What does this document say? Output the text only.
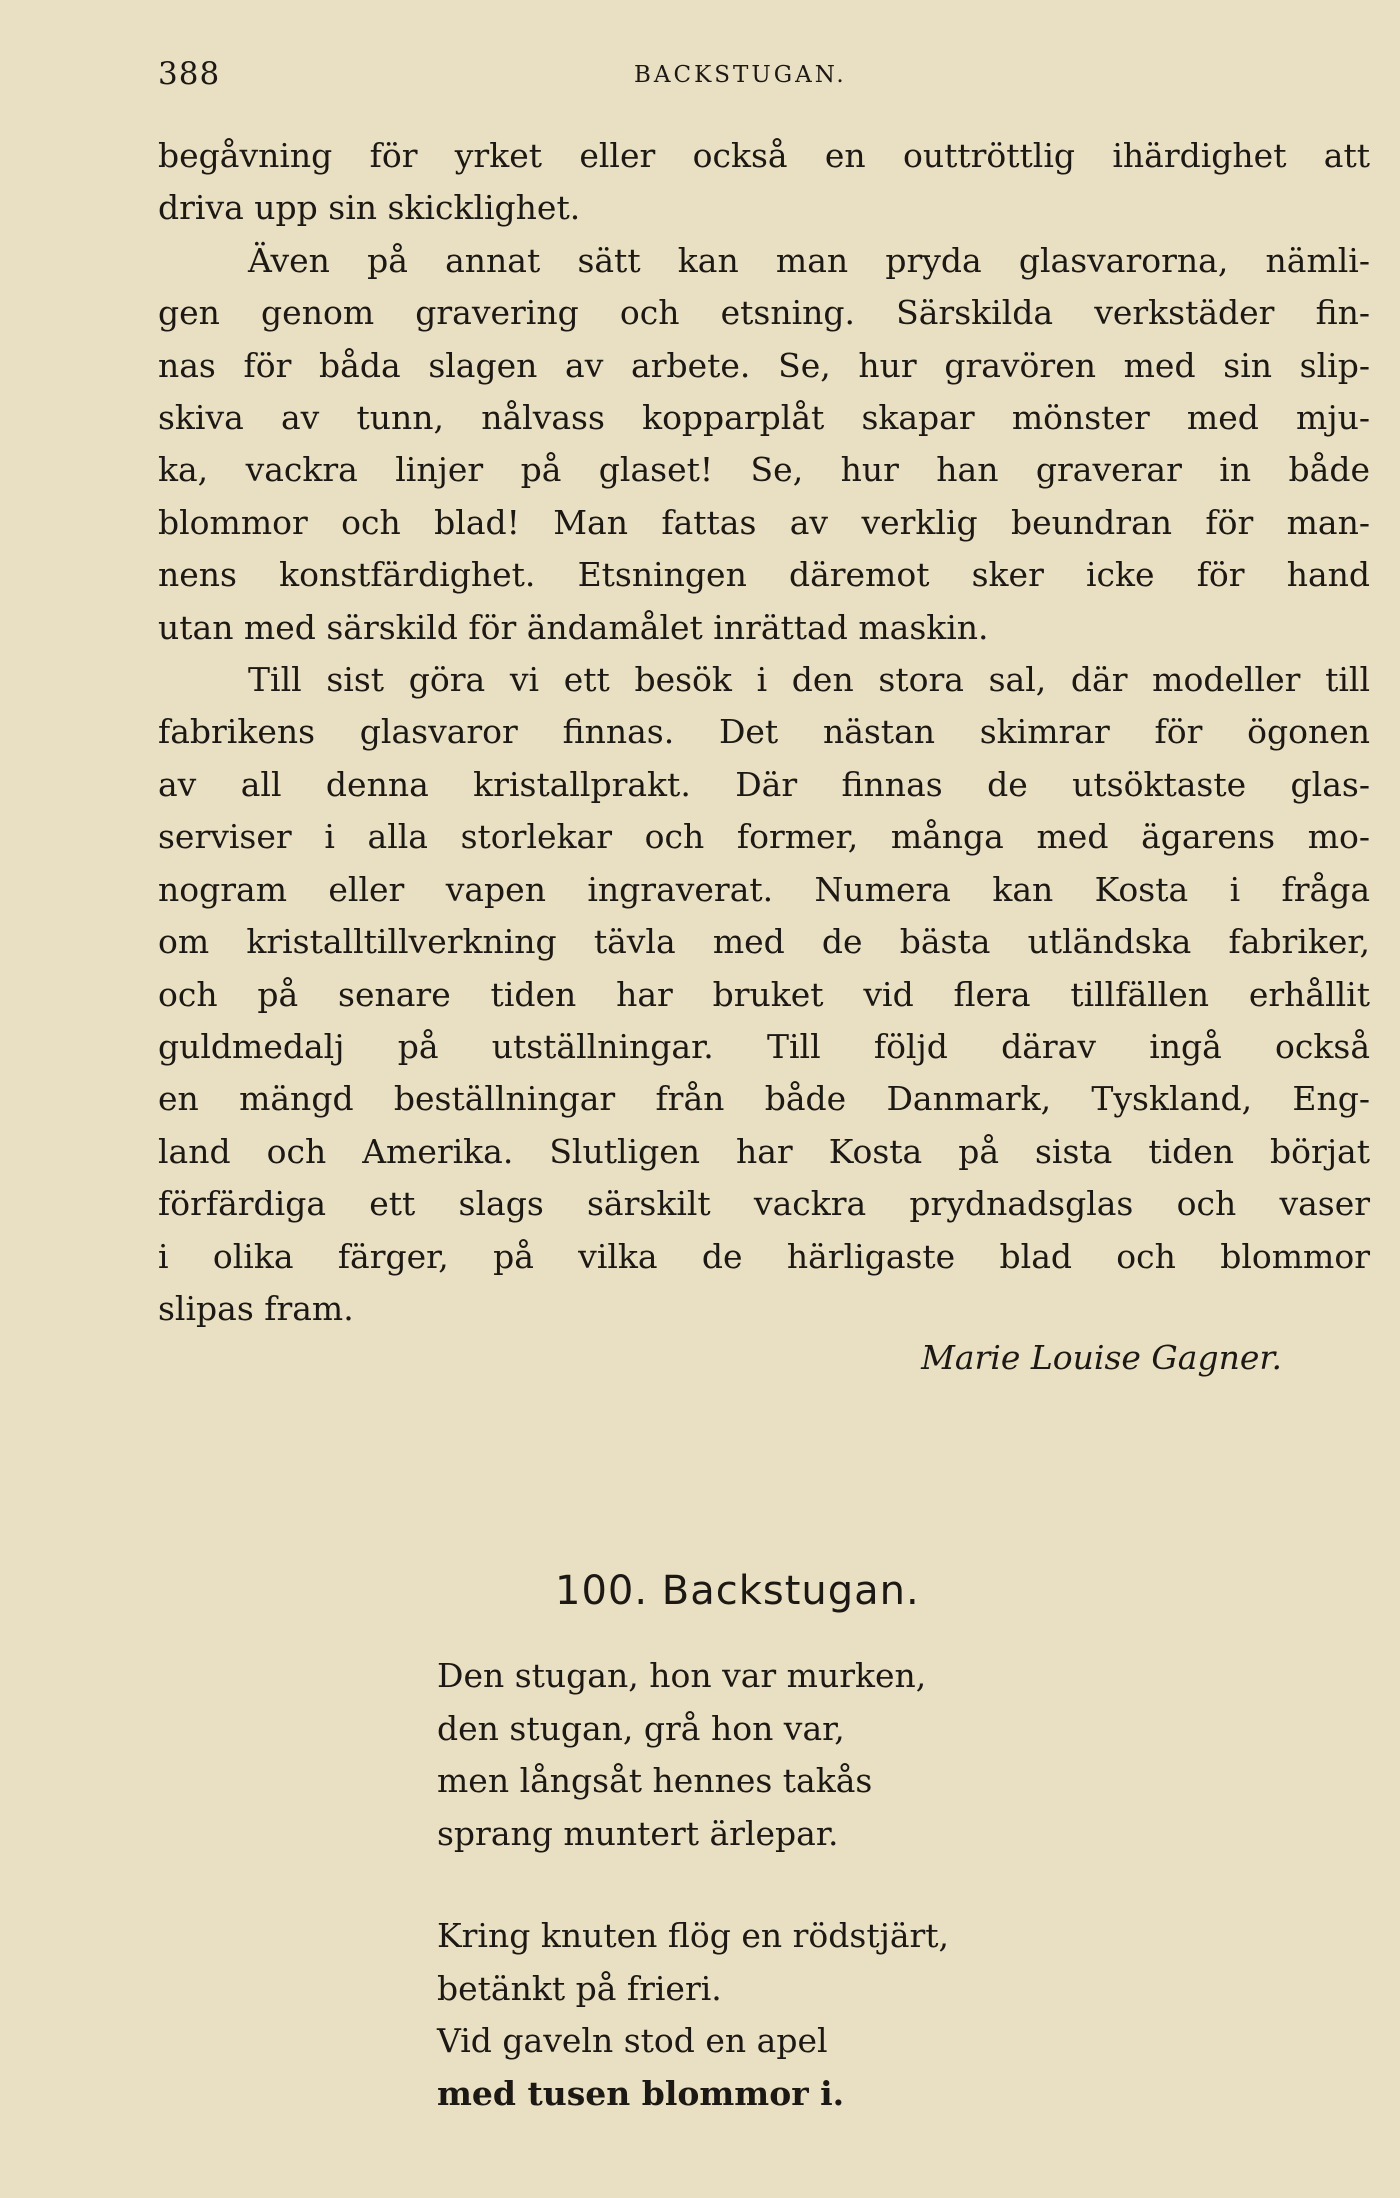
388	BACKSTUGAN.

begåvning för yrket eller också en outtröttlig ihärdighet att
driva upp sin skicklighet.

Även på annat sätt kan man pryda glasvarorna, nämli-
gen genom gravering och etsning. Särskilda verkstäder fin-
nas för båda slagen av arbete. Se, hur gravören med sin slip-
skiva av tunn, nålvass kopparplåt skapar mönster med mju-
ka, vackra linjer på glaset! Se, hur han graverar in både
blommor och blad! Man fattas av verklig beundran för man-
nens konstfärdighet. Etsningen däremot sker icke för hand
utan med särskild för ändamålet inrättad maskin.

Till sist göra vi ett besök i den stora sal, där modeller till
fabrikens glasvaror finnas. Det nästan skimrar för ögonen
av all denna kristallprakt. Där finnas de utsöktaste glas-
serviser i alla storlekar och former, många med ägarens mo-
nogram eller vapen ingraverat. Numera kan Kosta i fråga
om kristalltillverkning tävla med de bästa utländska fabriker,
och på senare tiden har bruket vid flera tillfällen erhållit
guldmedalj på utställningar. Till följd därav ingå också
en mängd beställningar från både Danmark, Tyskland, Eng-
land och Amerika. Slutligen har Kosta på sista tiden börjat
förfärdiga ett slags särskilt vackra prydnadsglas och vaser
i olika färger, på vilka de härligaste blad och blommor
slipas fram.

Marie Louise Gagner.
100. Backstugan.
Den stugan, hon var murken,
den stugan, grå hon var,
men långsåt hennes takås
sprang muntert ärlepar.
Kring knuten flög en rödstjärt,
betänkt på frieri.
Vid gaveln stod en apel
med tusen blommor i.
